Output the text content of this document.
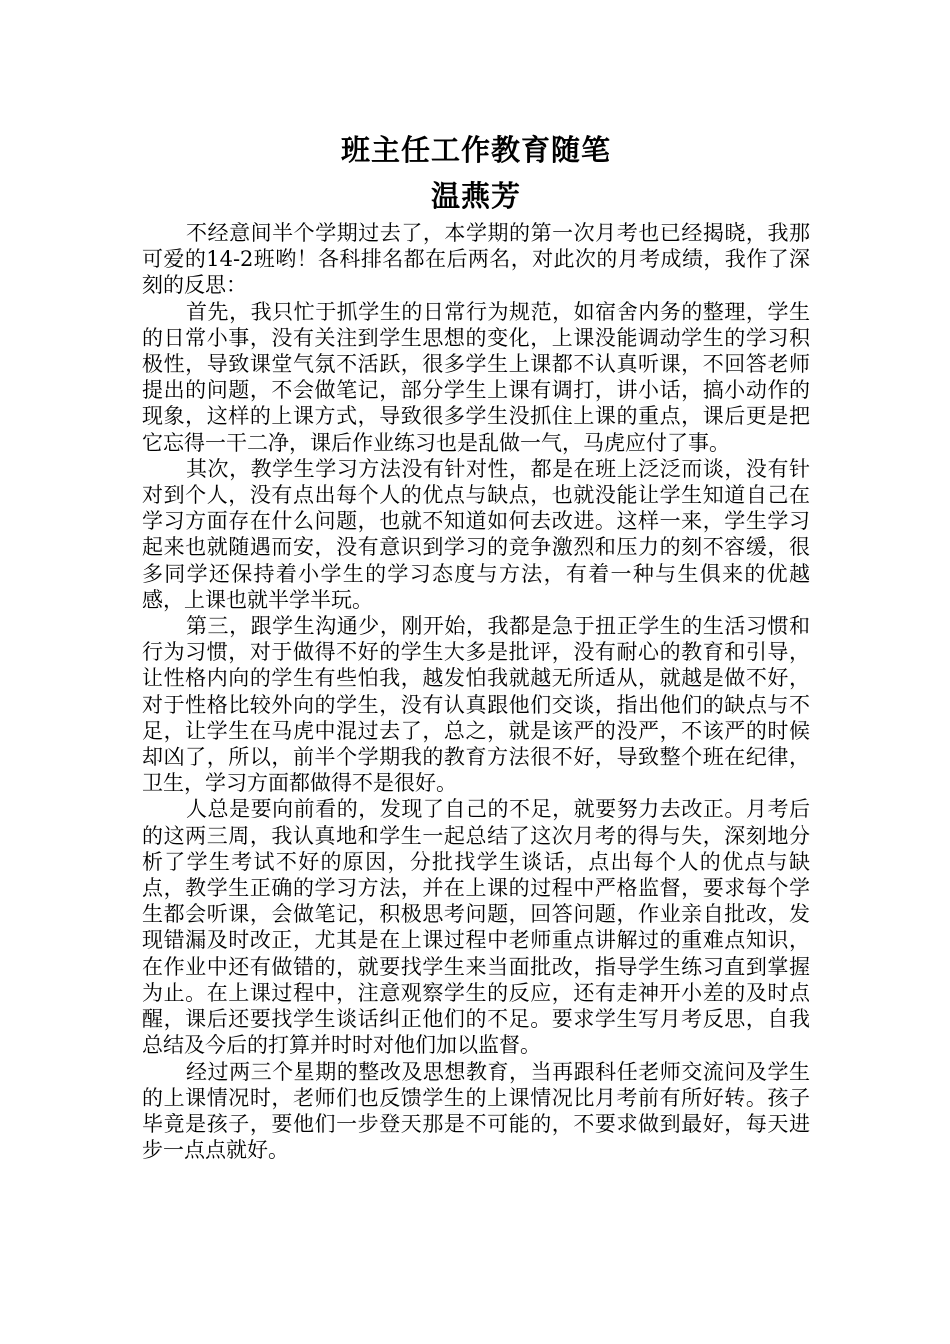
班主任工作教育随笔
温燕芳

不经意间半个学期过去了，本学期的第一次月考也已经揭晓，我那可爱的14-2班哟！各科排名都在后两名，对此次的月考成绩，我作了深刻的反思：

首先，我只忙于抓学生的日常行为规范，如宿舍内务的整理，学生的日常小事，没有关注到学生思想的变化，上课没能调动学生的学习积极性，导致课堂气氛不活跃，很多学生上课都不认真听课，不回答老师提出的问题，不会做笔记，部分学生上课有调打，讲小话，搞小动作的现象，这样的上课方式，导致很多学生没抓住上课的重点，课后更是把它忘得一干二净，课后作业练习也是乱做一气，马虎应付了事。

其次，教学生学习方法没有针对性，都是在班上泛泛而谈，没有针对到个人，没有点出每个人的优点与缺点，也就没能让学生知道自己在学习方面存在什么问题，也就不知道如何去改进。这样一来，学生学习起来也就随遇而安，没有意识到学习的竞争激烈和压力的刻不容缓，很多同学还保持着小学生的学习态度与方法，有着一种与生俱来的优越感，上课也就半学半玩。

第三，跟学生沟通少，刚开始，我都是急于扭正学生的生活习惯和行为习惯，对于做得不好的学生大多是批评，没有耐心的教育和引导，让性格内向的学生有些怕我，越发怕我就越无所适从，就越是做不好，对于性格比较外向的学生，没有认真跟他们交谈，指出他们的缺点与不足，让学生在马虎中混过去了，总之，就是该严的没严，不该严的时候却凶了，所以，前半个学期我的教育方法很不好，导致整个班在纪律，卫生，学习方面都做得不是很好。

人总是要向前看的，发现了自己的不足，就要努力去改正。月考后的这两三周，我认真地和学生一起总结了这次月考的得与失，深刻地分析了学生考试不好的原因，分批找学生谈话，点出每个人的优点与缺点，教学生正确的学习方法，并在上课的过程中严格监督，要求每个学生都会听课，会做笔记，积极思考问题，回答问题，作业亲自批改，发现错漏及时改正，尤其是在上课过程中老师重点讲解过的重难点知识，在作业中还有做错的，就要找学生来当面批改，指导学生练习直到掌握为止。在上课过程中，注意观察学生的反应，还有走神开小差的及时点醒，课后还要找学生谈话纠正他们的不足。要求学生写月考反思，自我总结及今后的打算并时时对他们加以监督。

经过两三个星期的整改及思想教育，当再跟科任老师交流问及学生的上课情况时，老师们也反馈学生的上课情况比月考前有所好转。孩子毕竟是孩子，要他们一步登天那是不可能的，不要求做到最好，每天进步一点点就好。
